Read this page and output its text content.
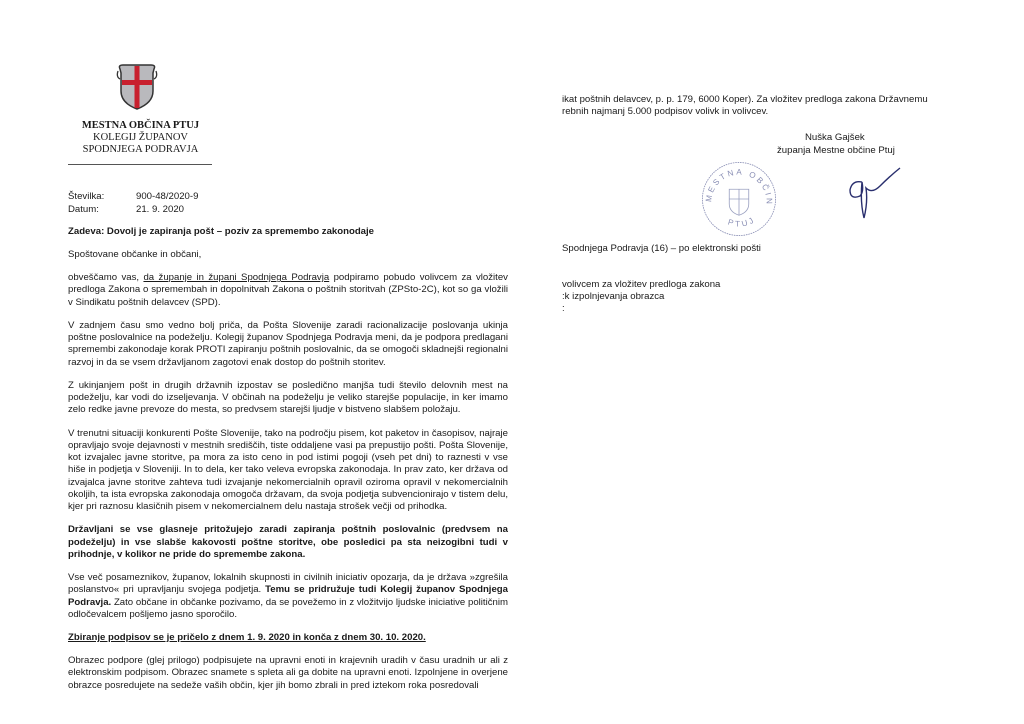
MESTNA OBČINA PTUJ
KOLEGIJ ŽUPANOV
SPODNJEGA PODRAVJA
Številka:	900-48/2020-9
Datum:	21. 9. 2020
Zadeva: Dovolj je zapiranja pošt – poziv za spremembo zakonodaje
Spoštovane občanke in občani,
obveščamo vas, da županje in župani Spodnjega Podravja podpiramo pobudo volivcem za vložitev predloga Zakona o spremembah in dopolnitvah Zakona o poštnih storitvah (ZPSto-2C), kot so ga vložili v Sindikatu poštnih delavcev (SPD).
V zadnjem času smo vedno bolj priča, da Pošta Slovenije zaradi racionalizacije poslovanja ukinja poštne poslovalnice na podeželju. Kolegij županov Spodnjega Podravja meni, da je podpora predlagani spremembi zakonodaje korak PROTI zapiranju poštnih poslovalnic, da se omogoči skladnejši regionalni razvoj in da se vsem državljanom zagotovi enak dostop do poštnih storitev.
Z ukinjanjem pošt in drugih državnih izpostav se posledično manjša tudi število delovnih mest na podeželju, kar vodi do izseljevanja. V občinah na podeželju je veliko starejše populacije, in ker imamo zelo redke javne prevoze do mesta, so predvsem starejši ljudje v bistveno slabšem položaju.
V trenutni situaciji konkurenti Pošte Slovenije, tako na področju pisem, kot paketov in časopisov, najraje opravljajo svoje dejavnosti v mestnih središčih, tiste oddaljene vasi pa prepustijo pošti. Pošta Slovenije, kot izvajalec javne storitve, pa mora za isto ceno in pod istimi pogoji (vseh pet dni) to raznesti v vse hiše in podjetja v Sloveniji. In to dela, ker tako veleva evropska zakonodaja. In prav zato, ker država od izvajalca javne storitve zahteva tudi izvajanje nekomercialnih opravil oziroma opravil v nekomercialnih okoljih, ta ista evropska zakonodaja omogoča državam, da svoja podjetja subvencionirajo v tistem delu, kjer pri raznosu klasičnih pisem v nekomercialnem delu nastaja strošek večji od prihodka.
Državljani se vse glasneje pritožujejo zaradi zapiranja poštnih poslovalnic (predvsem na podeželju) in vse slabše kakovosti poštne storitve, obe posledici pa sta neizogibni tudi v prihodnje, v kolikor ne pride do spremembe zakona.
Vse več posameznikov, županov, lokalnih skupnosti in civilnih iniciativ opozarja, da je država »zgrešila poslanstvo« pri upravljanju svojega podjetja. Temu se pridružuje tudi Kolegij županov Spodnjega Podravja. Zato občane in občanke pozivamo, da se povežemo in z vložitvijo ljudske iniciative političnim odločevalcem pošljemo jasno sporočilo.
Zbiranje podpisov se je pričelo z dnem 1. 9. 2020 in konča z dnem 30. 10. 2020.
Obrazec podpore (glej prilogo) podpisujete na upravni enoti in krajevnih uradih v času uradnih ur ali z elektronskim podpisom. Obrazec snamete s spleta ali ga dobite na upravni enoti. Izpolnjene in overjene obrazce posredujete na sedeže vaših občin, kjer jih bomo zbrali in pred iztekom roka posredovali
ikat poštnih delavcev, p. p. 179, 6000 Koper). Za vložitev predloga zakona Državnemu
rebnih najmanj 5.000 podpisov volivk in volivcev.
Nuška Gajšek
županja Mestne občine Ptuj
MESTNA OBČIN
PTUJ
Spodnjega Podravja (16) – po elektronski pošti
volivcem za vložitev predloga zakona
:k izpolnjevanja obrazca
:
